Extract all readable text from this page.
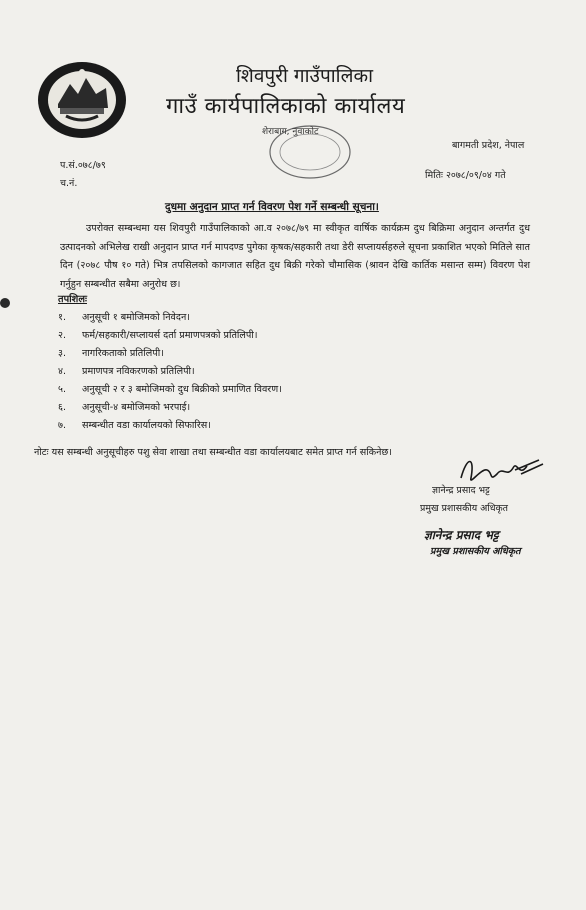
शिवपुरी गाउँपालिका
गाउँ कार्यपालिकाको कार्यालय
शेराबाग, नुवाकोट
बागमती प्रदेश, नेपाल
प.सं.०७८/७९
च.नं.
मितिः २०७८/०९/०४ गते
दुधमा अनुदान प्राप्त गर्न विवरण पेश गर्ने सम्बन्धी सूचना।

उपरोक्त सम्बन्धमा यस शिवपुरी गाउँपालिकाको आ.व २०७८/७९ मा स्वीकृत वार्षिक कार्यक्रम दुध बिक्रिमा अनुदान अन्तर्गत दुध उत्पादनको अभिलेख राखी अनुदान प्राप्त गर्न मापदण्ड पुगेका कृषक/सहकारी तथा डेरी सप्लायर्सहरुले सूचना प्रकाशित भएको मितिले सात दिन (२०७८ पौष १० गते) भित्र तपसिलको कागजात सहित दुध बिक्री गरेको चौमासिक (श्रावन देखि कार्तिक मसान्त सम्म) विवरण पेश गर्नुहुन सम्बन्धीत सबैमा अनुरोध छ।

तपशिलः
१. अनुसूची १ बमोजिमको निवेदन।
२. फर्म/सहकारी/सप्लायर्स दर्ता प्रमाणपत्रको प्रतिलिपी।
३. नागरिकताको प्रतिलिपी।
४. प्रमाणपत्र नविकरणको प्रतिलिपी।
५. अनुसूची २ र ३ बमोजिमको दुध बिक्रीको प्रमाणित विवरण।
६. अनुसूची-४ बमोजिमको भरपाई।
७. सम्बन्धीत वडा कार्यालयको सिफारिस।
नोटः यस सम्बन्धी अनुसूचीहरु पशु सेवा शाखा तथा सम्बन्धीत वडा कार्यालयबाट समेत प्राप्त गर्न सकिनेछ।
ज्ञानेन्द्र प्रसाद भट्ट
प्रमुख प्रशासकीय अधिकृत
ज्ञानेन्द्र प्रसाद भट्ट
प्रमुख प्रशासकीय अधिकृत
